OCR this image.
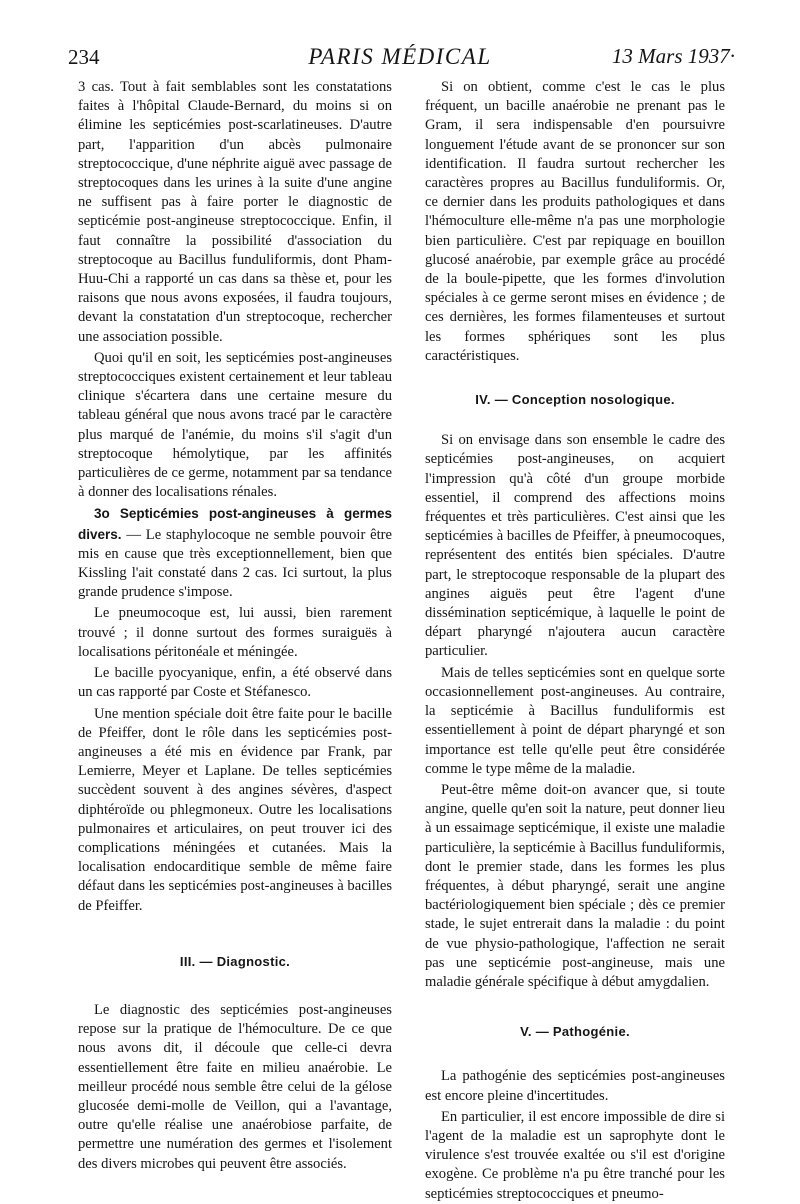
234	PARIS MÉDICAL	13 Mars 1937·

3 cas. Tout à fait semblables sont les constatations faites à l'hôpital Claude-Bernard, du moins si on élimine les septicémies post-scarlatineuses. D'autre part, l'apparition d'un abcès pulmonaire streptococcique, d'une néphrite aiguë avec passage de streptocoques dans les urines à la suite d'une angine ne suffisent pas à faire porter le diagnostic de septicémie post-angineuse streptococcique. Enfin, il faut connaître la possibilité d'association du streptocoque au Bacillus funduliformis, dont Pham-Huu-Chi a rapporté un cas dans sa thèse et, pour les raisons que nous avons exposées, il faudra toujours, devant la constatation d'un streptocoque, rechercher une association possible.

Quoi qu'il en soit, les septicémies post-angineuses streptococciques existent certainement et leur tableau clinique s'écartera dans une certaine mesure du tableau général que nous avons tracé par le caractère plus marqué de l'anémie, du moins s'il s'agit d'un streptocoque hémolytique, par les affinités particulières de ce germe, notamment par sa tendance à donner des localisations rénales.

3o Septicémies post-angineuses à germes divers. — Le staphylocoque ne semble pouvoir être mis en cause que très exceptionnellement, bien que Kissling l'ait constaté dans 2 cas. Ici surtout, la plus grande prudence s'impose.

Le pneumocoque est, lui aussi, bien rarement trouvé ; il donne surtout des formes suraiguës à localisations péritonéale et méningée.

Le bacille pyocyanique, enfin, a été observé dans un cas rapporté par Coste et Stéfanesco.

Une mention spéciale doit être faite pour le bacille de Pfeiffer, dont le rôle dans les septicémies post-angineuses a été mis en évidence par Frank, par Lemierre, Meyer et Laplane. De telles septicémies succèdent souvent à des angines sévères, d'aspect diphtéroïde ou phlegmoneux. Outre les localisations pulmonaires et articulaires, on peut trouver ici des complications méningées et cutanées. Mais la localisation endocarditique semble de même faire défaut dans les septicémies post-angineuses à bacilles de Pfeiffer.

III. — Diagnostic.

Le diagnostic des septicémies post-angineuses repose sur la pratique de l'hémoculture. De ce que nous avons dit, il découle que celle-ci devra essentiellement être faite en milieu anaérobie. Le meilleur procédé nous semble être celui de la gélose glucosée demi-molle de Veillon, qui a l'avantage, outre qu'elle réalise une anaérobiose parfaite, de permettre une numération des germes et l'isolement des divers microbes qui peuvent être associés.

Si on obtient, comme c'est le cas le plus fréquent, un bacille anaérobie ne prenant pas le Gram, il sera indispensable d'en poursuivre longuement l'étude avant de se prononcer sur son identification. Il faudra surtout rechercher les caractères propres au Bacillus funduliformis. Or, ce dernier dans les produits pathologiques et dans l'hémoculture elle-même n'a pas une morphologie bien particulière. C'est par repiquage en bouillon glucosé anaérobie, par exemple grâce au procédé de la boule-pipette, que les formes d'involution spéciales à ce germe seront mises en évidence ; de ces dernières, les formes filamenteuses et surtout les formes sphériques sont les plus caractéristiques.

IV. — Conception nosologique.

Si on envisage dans son ensemble le cadre des septicémies post-angineuses, on acquiert l'impression qu'à côté d'un groupe morbide essentiel, il comprend des affections moins fréquentes et très particulières. C'est ainsi que les septicémies à bacilles de Pfeiffer, à pneumocoques, représentent des entités bien spéciales. D'autre part, le streptocoque responsable de la plupart des angines aiguës peut être l'agent d'une dissémination septicémique, à laquelle le point de départ pharyngé n'ajoutera aucun caractère particulier.

Mais de telles septicémies sont en quelque sorte occasionnellement post-angineuses. Au contraire, la septicémie à Bacillus funduliformis est essentiellement à point de départ pharyngé et son importance est telle qu'elle peut être considérée comme le type même de la maladie.

Peut-être même doit-on avancer que, si toute angine, quelle qu'en soit la nature, peut donner lieu à un essaimage septicémique, il existe une maladie particulière, la septicémie à Bacillus funduliformis, dont le premier stade, dans les formes les plus fréquentes, à début pharyngé, serait une angine bactériologiquement bien spéciale ; dès ce premier stade, le sujet entrerait dans la maladie : du point de vue physio-pathologique, l'affection ne serait pas une septicémie post-angineuse, mais une maladie générale spécifique à début amygdalien.

V. — Pathogénie.

La pathogénie des septicémies post-angineuses est encore pleine d'incertitudes.

En particulier, il est encore impossible de dire si l'agent de la maladie est un saprophyte dont le virulence s'est trouvée exaltée ou s'il est d'origine exogène. Ce problème n'a pu être tranché pour les septicémies streptococciques et pneumo-
